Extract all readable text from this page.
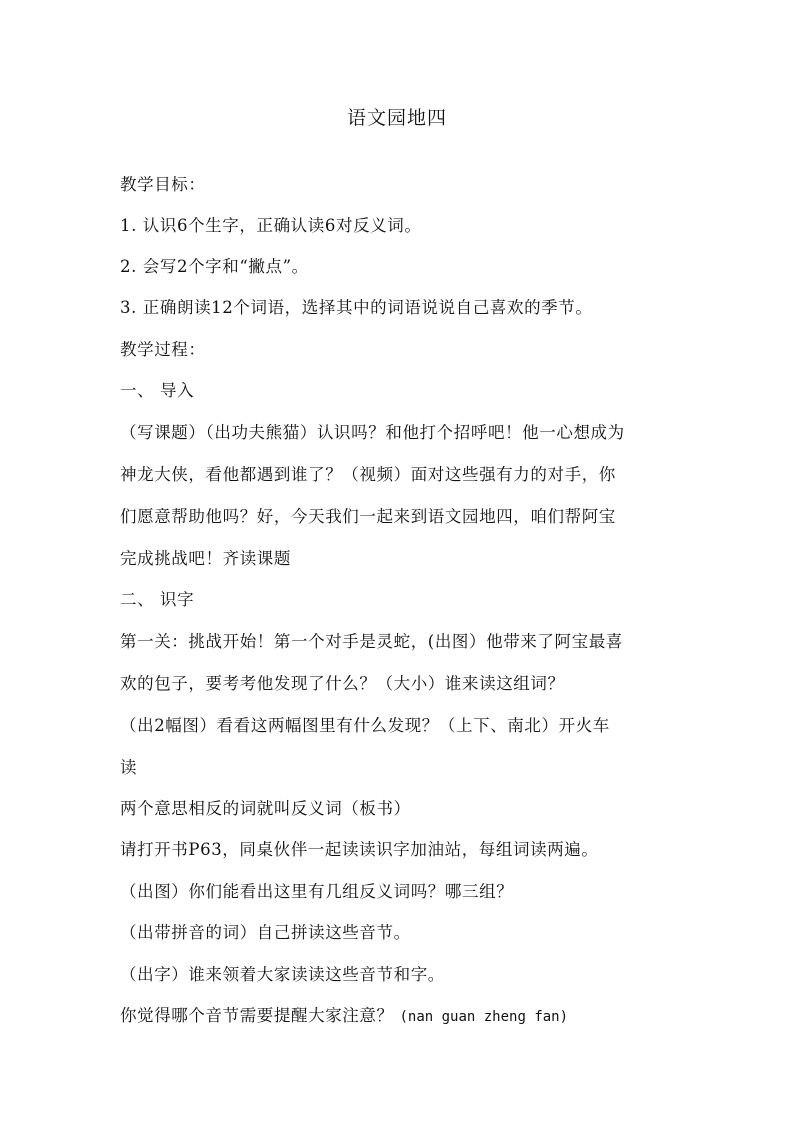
语文园地四
教学目标：
1. 认识6个生字，正确认读6对反义词。
2. 会写2个字和“撇点”。
3. 正确朗读12个词语，选择其中的词语说说自己喜欢的季节。
教学过程：
一、 导入
（写课题）（出功夫熊猫）认识吗？和他打个招呼吧！他一心想成为
神龙大侠，看他都遇到谁了？（视频）面对这些强有力的对手，你
们愿意帮助他吗？好，今天我们一起来到语文园地四，咱们帮阿宝
完成挑战吧！齐读课题
二、 识字
第一关：挑战开始！第一个对手是灵蛇，(出图）他带来了阿宝最喜
欢的包子，要考考他发现了什么？（大小）谁来读这组词？
（出2幅图）看看这两幅图里有什么发现？（上下、南北）开火车
读
两个意思相反的词就叫反义词（板书）
请打开书P63，同桌伙伴一起读读识字加油站，每组词读两遍。
（出图）你们能看出这里有几组反义词吗？哪三组？
（出带拼音的词）自己拼读这些音节。
（出字）谁来领着大家读读这些音节和字。
你觉得哪个音节需要提醒大家注意？ (nan guan zheng fan)
